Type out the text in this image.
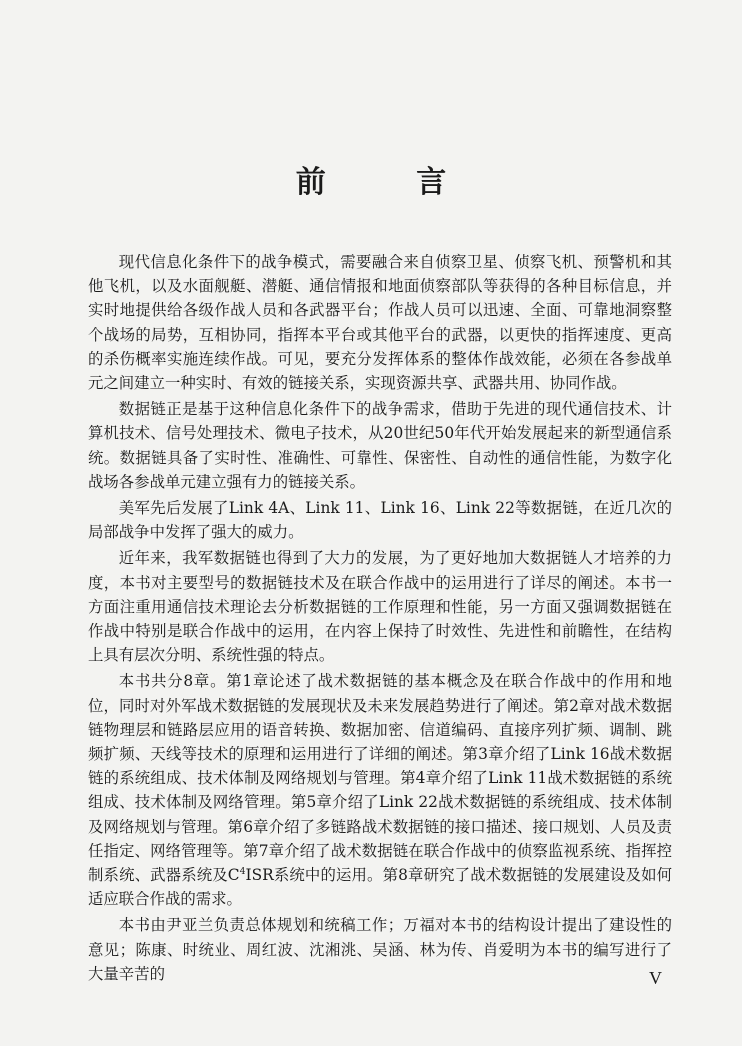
前 言

现代信息化条件下的战争模式，需要融合来自侦察卫星、侦察飞机、预警机和其他飞机，以及水面舰艇、潜艇、通信情报和地面侦察部队等获得的各种目标信息，并实时地提供给各级作战人员和各武器平台；作战人员可以迅速、全面、可靠地洞察整个战场的局势，互相协同，指挥本平台或其他平台的武器，以更快的指挥速度、更高的杀伤概率实施连续作战。可见，要充分发挥体系的整体作战效能，必须在各参战单元之间建立一种实时、有效的链接关系，实现资源共享、武器共用、协同作战。

数据链正是基于这种信息化条件下的战争需求，借助于先进的现代通信技术、计算机技术、信号处理技术、微电子技术，从20世纪50年代开始发展起来的新型通信系统。数据链具备了实时性、准确性、可靠性、保密性、自动性的通信性能，为数字化战场各参战单元建立强有力的链接关系。

美军先后发展了Link 4A、Link 11、Link 16、Link 22等数据链，在近几次的局部战争中发挥了强大的威力。

近年来，我军数据链也得到了大力的发展，为了更好地加大数据链人才培养的力度，本书对主要型号的数据链技术及在联合作战中的运用进行了详尽的阐述。本书一方面注重用通信技术理论去分析数据链的工作原理和性能，另一方面又强调数据链在作战中特别是联合作战中的运用，在内容上保持了时效性、先进性和前瞻性，在结构上具有层次分明、系统性强的特点。

本书共分8章。第1章论述了战术数据链的基本概念及在联合作战中的作用和地位，同时对外军战术数据链的发展现状及未来发展趋势进行了阐述。第2章对战术数据链物理层和链路层应用的语音转换、数据加密、信道编码、直接序列扩频、调制、跳频扩频、天线等技术的原理和运用进行了详细的阐述。第3章介绍了Link 16战术数据链的系统组成、技术体制及网络规划与管理。第4章介绍了Link 11战术数据链的系统组成、技术体制及网络管理。第5章介绍了Link 22战术数据链的系统组成、技术体制及网络规划与管理。第6章介绍了多链路战术数据链的接口描述、接口规划、人员及责任指定、网络管理等。第7章介绍了战术数据链在联合作战中的侦察监视系统、指挥控制系统、武器系统及$C^4ISR$系统中的运用。第8章研究了战术数据链的发展建设及如何适应联合作战的需求。

本书由尹亚兰负责总体规划和统稿工作；万福对本书的结构设计提出了建设性的意见；陈康、时统业、周红波、沈湘洮、吴涵、林为传、肖爱明为本书的编写进行了大量辛苦的	V
